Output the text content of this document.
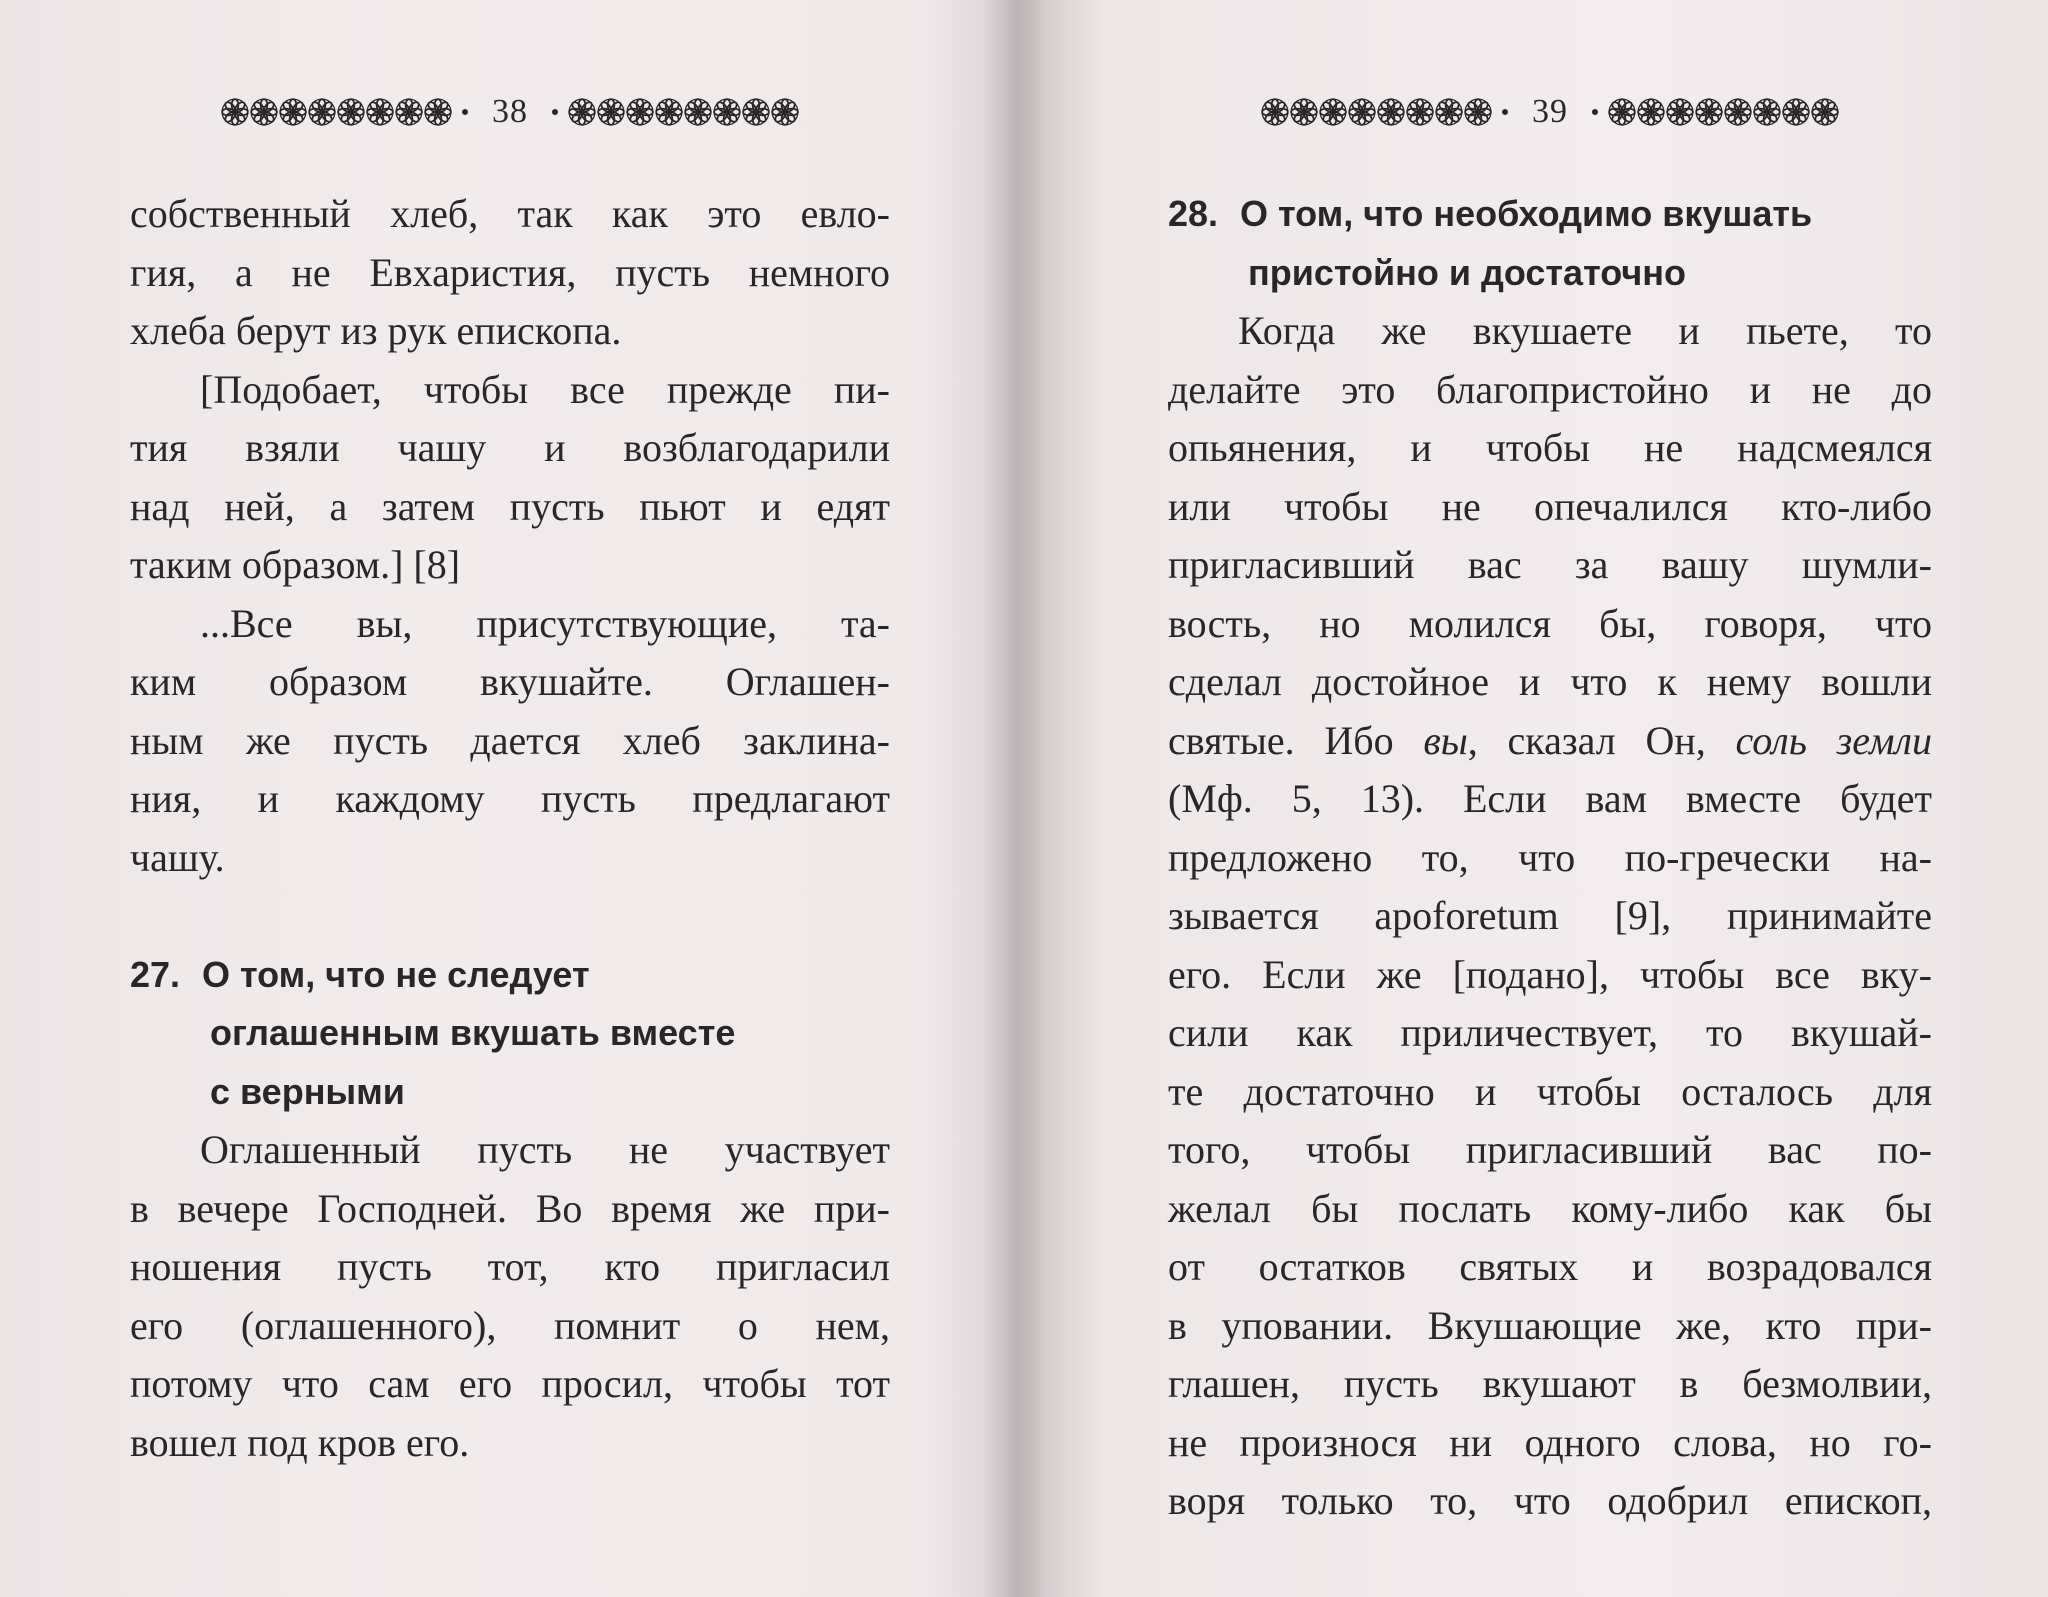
38
собственный хлеб, так как это евло-
гия, а не Евхаристия, пусть немного
хлеба берут из рук епископа.
[Подобает, чтобы все прежде пи-
тия взяли чашу и возблагодарили
над ней, а затем пусть пьют и едят
таким образом.] [8]
...Все вы, присутствующие, та-
ким образом вкушайте. Оглашен-
ным же пусть дается хлеб заклина-
ния, и каждому пусть предлагают
чашу.
27. О том, что не следует
оглашенным вкушать вместе
с верными
Оглашенный пусть не участвует
в вечере Господней. Во время же при-
ношения пусть тот, кто пригласил
его (оглашенного), помнит о нем,
потому что сам его просил, чтобы тот
вошел под кров его.
39
28. О том, что необходимо вкушать
пристойно и достаточно
Когда же вкушаете и пьете, то
делайте это благопристойно и не до
опьянения, и чтобы не надсмеялся
или чтобы не опечалился кто-либо
пригласивший вас за вашу шумли-
вость, но молился бы, говоря, что
сделал достойное и что к нему вошли
святые. Ибо вы, сказал Он, соль земли
(Мф. 5, 13). Если вам вместе будет
предложено то, что по-гречески на-
зывается apoforetum [9], принимайте
его. Если же [подано], чтобы все вку-
сили как приличествует, то вкушай-
те достаточно и чтобы осталось для
того, чтобы пригласивший вас по-
желал бы послать кому-либо как бы
от остатков святых и возрадовался
в уповании. Вкушающие же, кто при-
глашен, пусть вкушают в безмолвии,
не произнося ни одного слова, но го-
воря только то, что одобрил епископ,
